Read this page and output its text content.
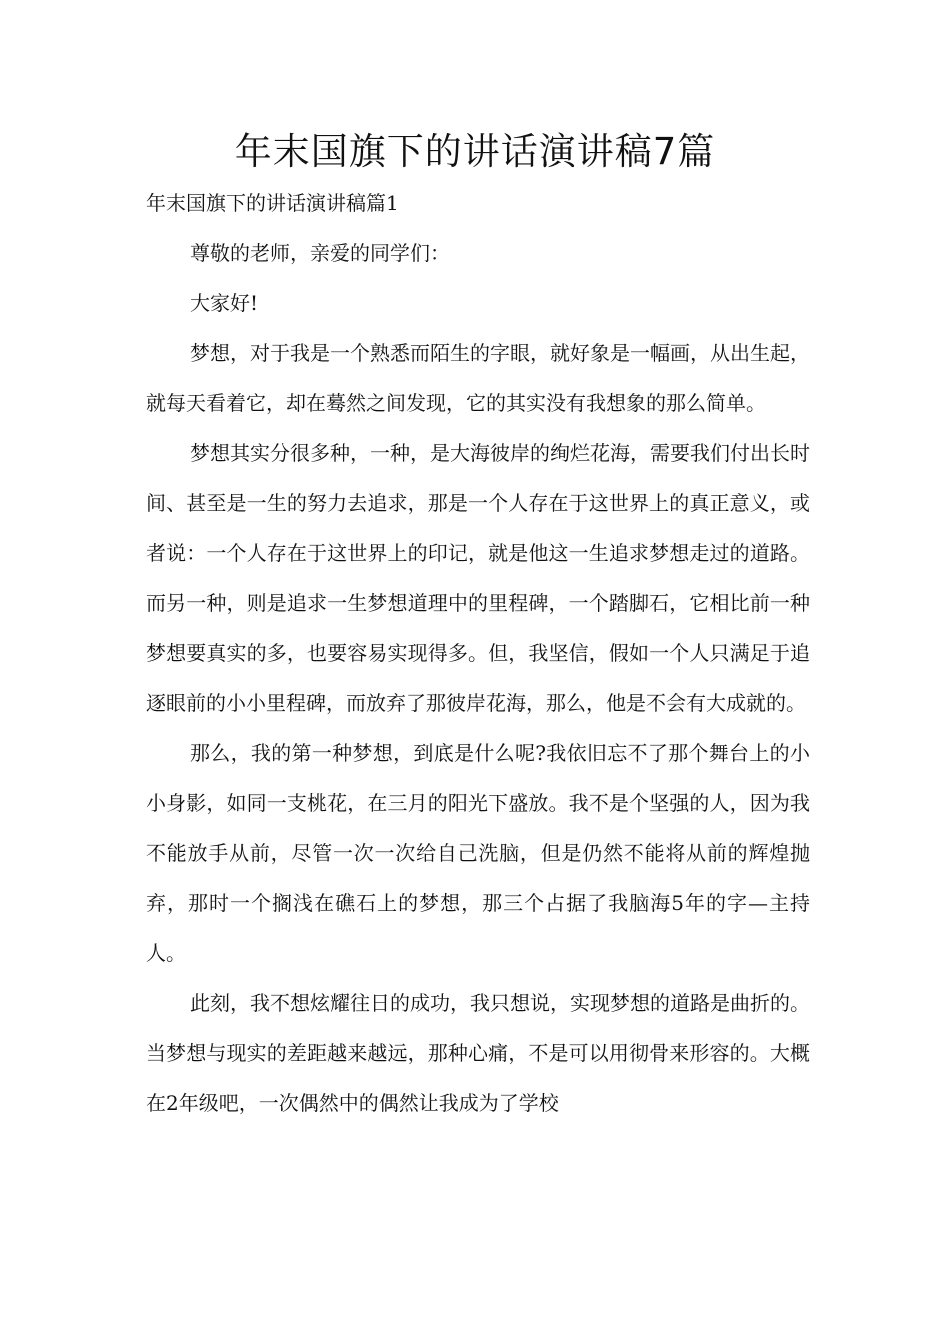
年末国旗下的讲话演讲稿7篇
年末国旗下的讲话演讲稿篇1

尊敬的老师，亲爱的同学们：

大家好!

梦想，对于我是一个熟悉而陌生的字眼，就好象是一幅画，从出生起，就每天看着它，却在蓦然之间发现，它的其实没有我想象的那么简单。

梦想其实分很多种，一种，是大海彼岸的绚烂花海，需要我们付出长时间、甚至是一生的努力去追求，那是一个人存在于这世界上的真正意义，或者说：一个人存在于这世界上的印记，就是他这一生追求梦想走过的道路。而另一种，则是追求一生梦想道理中的里程碑，一个踏脚石，它相比前一种梦想要真实的多，也要容易实现得多。但，我坚信，假如一个人只满足于追逐眼前的小小里程碑，而放弃了那彼岸花海，那么，他是不会有大成就的。

那么，我的第一种梦想，到底是什么呢?我依旧忘不了那个舞台上的小小身影，如同一支桃花，在三月的阳光下盛放。我不是个坚强的人，因为我不能放手从前，尽管一次一次给自己洗脑，但是仍然不能将从前的辉煌抛弃，那时一个搁浅在礁石上的梦想，那三个占据了我脑海5年的字—主持人。

此刻，我不想炫耀往日的成功，我只想说，实现梦想的道路是曲折的。当梦想与现实的差距越来越远，那种心痛，不是可以用彻骨来形容的。大概在2年级吧，一次偶然中的偶然让我成为了学校
